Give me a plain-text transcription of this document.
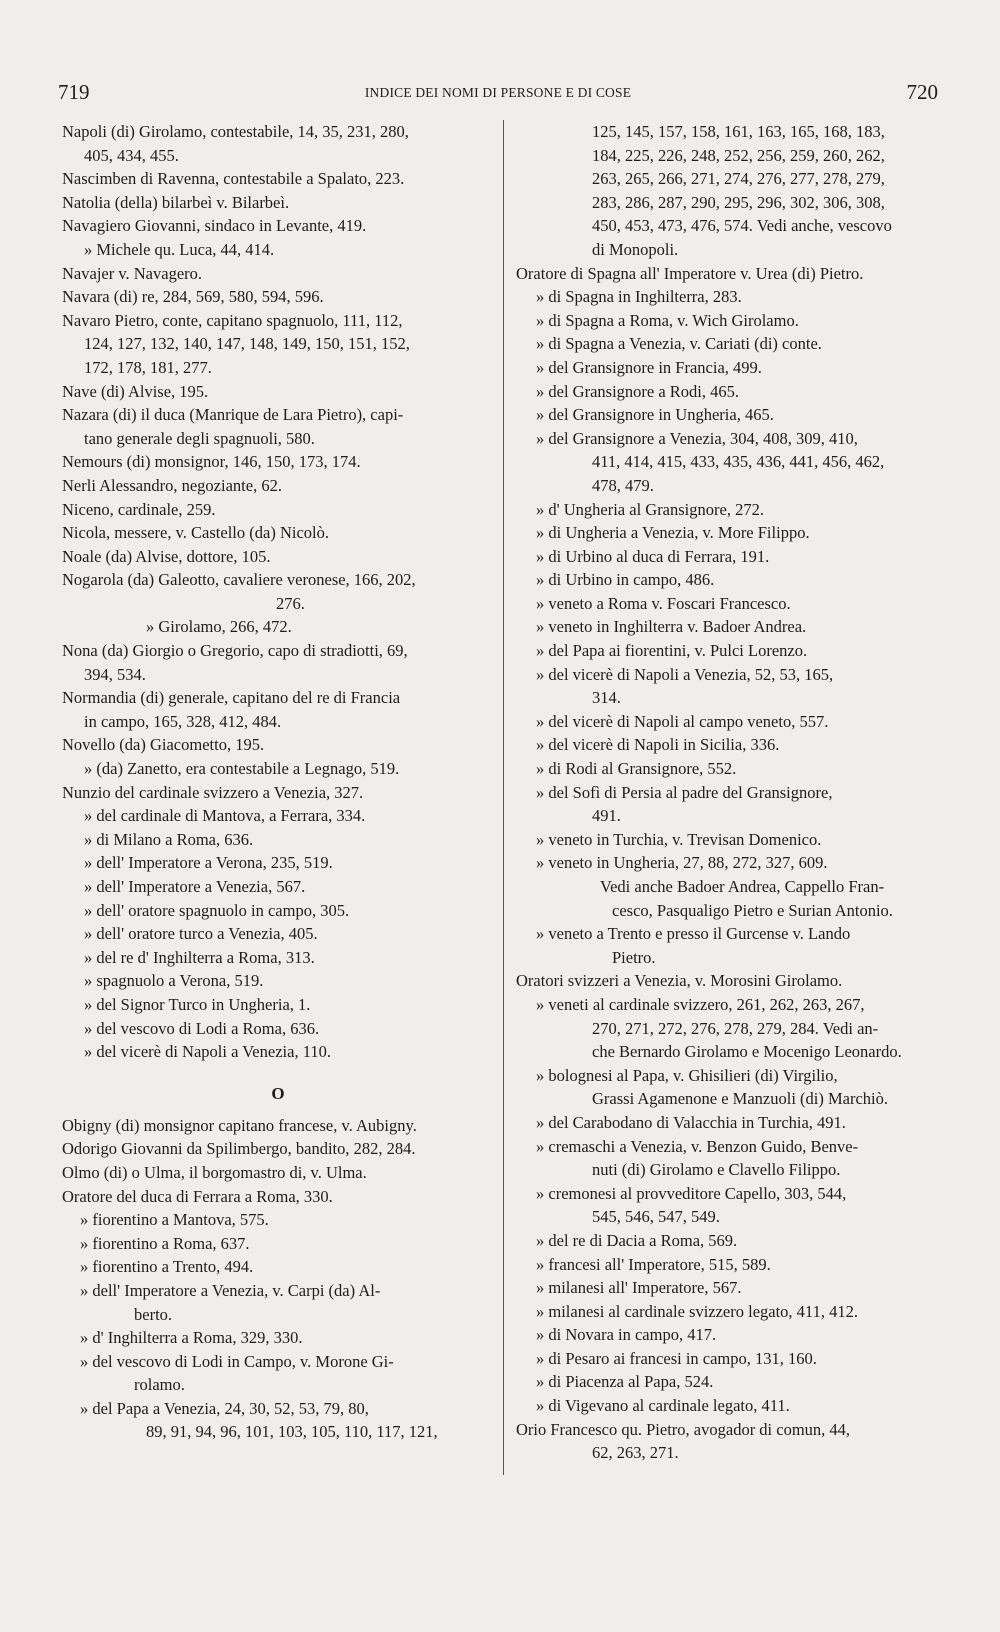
719	INDICE DEI NOMI DI PERSONE E DI COSE	720
Napoli (di) Girolamo, contestabile, 14, 35, 231, 280,
405, 434, 455.
Nascimben di Ravenna, contestabile a Spalato, 223.
Natolia (della) bilarbeì v. Bilarbeì.
Navagiero Giovanni, sindaco in Levante, 419.
» Michele qu. Luca, 44, 414.
Navajer v. Navagero.
Navara (di) re, 284, 569, 580, 594, 596.
Navaro Pietro, conte, capitano spagnuolo, 111, 112,
124, 127, 132, 140, 147, 148, 149, 150, 151, 152,
172, 178, 181, 277.
Nave (di) Alvise, 195.
Nazara (di) il duca (Manrique de Lara Pietro), capi-
tano generale degli spagnuoli, 580.
Nemours (di) monsignor, 146, 150, 173, 174.
Nerli Alessandro, negoziante, 62.
Niceno, cardinale, 259.
Nicola, messere, v. Castello (da) Nicolò.
Noale (da) Alvise, dottore, 105.
Nogarola (da) Galeotto, cavaliere veronese, 166, 202,
276.
» Girolamo, 266, 472.
Nona (da) Giorgio o Gregorio, capo di stradiotti, 69,
394, 534.
Normandia (di) generale, capitano del re di Francia
in campo, 165, 328, 412, 484.
Novello (da) Giacometto, 195.
» (da) Zanetto, era contestabile a Legnago, 519.
Nunzio del cardinale svizzero a Venezia, 327.
» del cardinale di Mantova, a Ferrara, 334.
» di Milano a Roma, 636.
» dell' Imperatore a Verona, 235, 519.
» dell' Imperatore a Venezia, 567.
» dell' oratore spagnuolo in campo, 305.
» dell' oratore turco a Venezia, 405.
» del re d' Inghilterra a Roma, 313.
» spagnuolo a Verona, 519.
» del Signor Turco in Ungheria, 1.
» del vescovo di Lodi a Roma, 636.
» del vicerè di Napoli a Venezia, 110.
O
Obigny (di) monsignor capitano francese, v. Aubigny.
Odorigo Giovanni da Spilimbergo, bandito, 282, 284.
Olmo (di) o Ulma, il borgomastro di, v. Ulma.
Oratore del duca di Ferrara a Roma, 330.
» fiorentino a Mantova, 575.
» fiorentino a Roma, 637.
» fiorentino a Trento, 494.
» dell' Imperatore a Venezia, v. Carpi (da) Al-
berto.
» d' Inghilterra a Roma, 329, 330.
» del vescovo di Lodi in Campo, v. Morone Gi-
rolamo.
» del Papa a Venezia, 24, 30, 52, 53, 79, 80,
89, 91, 94, 96, 101, 103, 105, 110, 117, 121,
125, 145, 157, 158, 161, 163, 165, 168, 183,
184, 225, 226, 248, 252, 256, 259, 260, 262,
263, 265, 266, 271, 274, 276, 277, 278, 279,
283, 286, 287, 290, 295, 296, 302, 306, 308,
450, 453, 473, 476, 574. Vedi anche, vescovo
di Monopoli.
Oratore di Spagna all' Imperatore v. Urea (di) Pietro.
» di Spagna in Inghilterra, 283.
» di Spagna a Roma, v. Wich Girolamo.
» di Spagna a Venezia, v. Cariati (di) conte.
» del Gransignore in Francia, 499.
» del Gransignore a Rodi, 465.
» del Gransignore in Ungheria, 465.
» del Gransignore a Venezia, 304, 408, 309, 410,
411, 414, 415, 433, 435, 436, 441, 456, 462,
478, 479.
» d' Ungheria al Gransignore, 272.
» di Ungheria a Venezia, v. More Filippo.
» di Urbino al duca di Ferrara, 191.
» di Urbino in campo, 486.
» veneto a Roma v. Foscari Francesco.
» veneto in Inghilterra v. Badoer Andrea.
» del Papa ai fiorentini, v. Pulci Lorenzo.
» del vicerè di Napoli a Venezia, 52, 53, 165,
314.
» del vicerè di Napoli al campo veneto, 557.
» del vicerè di Napoli in Sicilia, 336.
» di Rodi al Gransignore, 552.
» del Sofì di Persia al padre del Gransignore,
491.
» veneto in Turchia, v. Trevisan Domenico.
» veneto in Ungheria, 27, 88, 272, 327, 609.
Vedi anche Badoer Andrea, Cappello Fran-
cesco, Pasqualigo Pietro e Surian Antonio.
» veneto a Trento e presso il Gurcense v. Lando
Pietro.
Oratori svizzeri a Venezia, v. Morosini Girolamo.
» veneti al cardinale svizzero, 261, 262, 263, 267,
270, 271, 272, 276, 278, 279, 284. Vedi an-
che Bernardo Girolamo e Mocenigo Leonardo.
» bolognesi al Papa, v. Ghisilieri (di) Virgilio,
Grassi Agamenone e Manzuoli (di) Marchiò.
» del Carabodano di Valacchia in Turchia, 491.
» cremaschi a Venezia, v. Benzon Guido, Benve-
nuti (di) Girolamo e Clavello Filippo.
» cremonesi al provveditore Capello, 303, 544,
545, 546, 547, 549.
» del re di Dacia a Roma, 569.
» francesi all' Imperatore, 515, 589.
» milanesi all' Imperatore, 567.
» milanesi al cardinale svizzero legato, 411, 412.
» di Novara in campo, 417.
» di Pesaro ai francesi in campo, 131, 160.
» di Piacenza al Papa, 524.
» di Vigevano al cardinale legato, 411.
Orio Francesco qu. Pietro, avogador di comun, 44,
62, 263, 271.
